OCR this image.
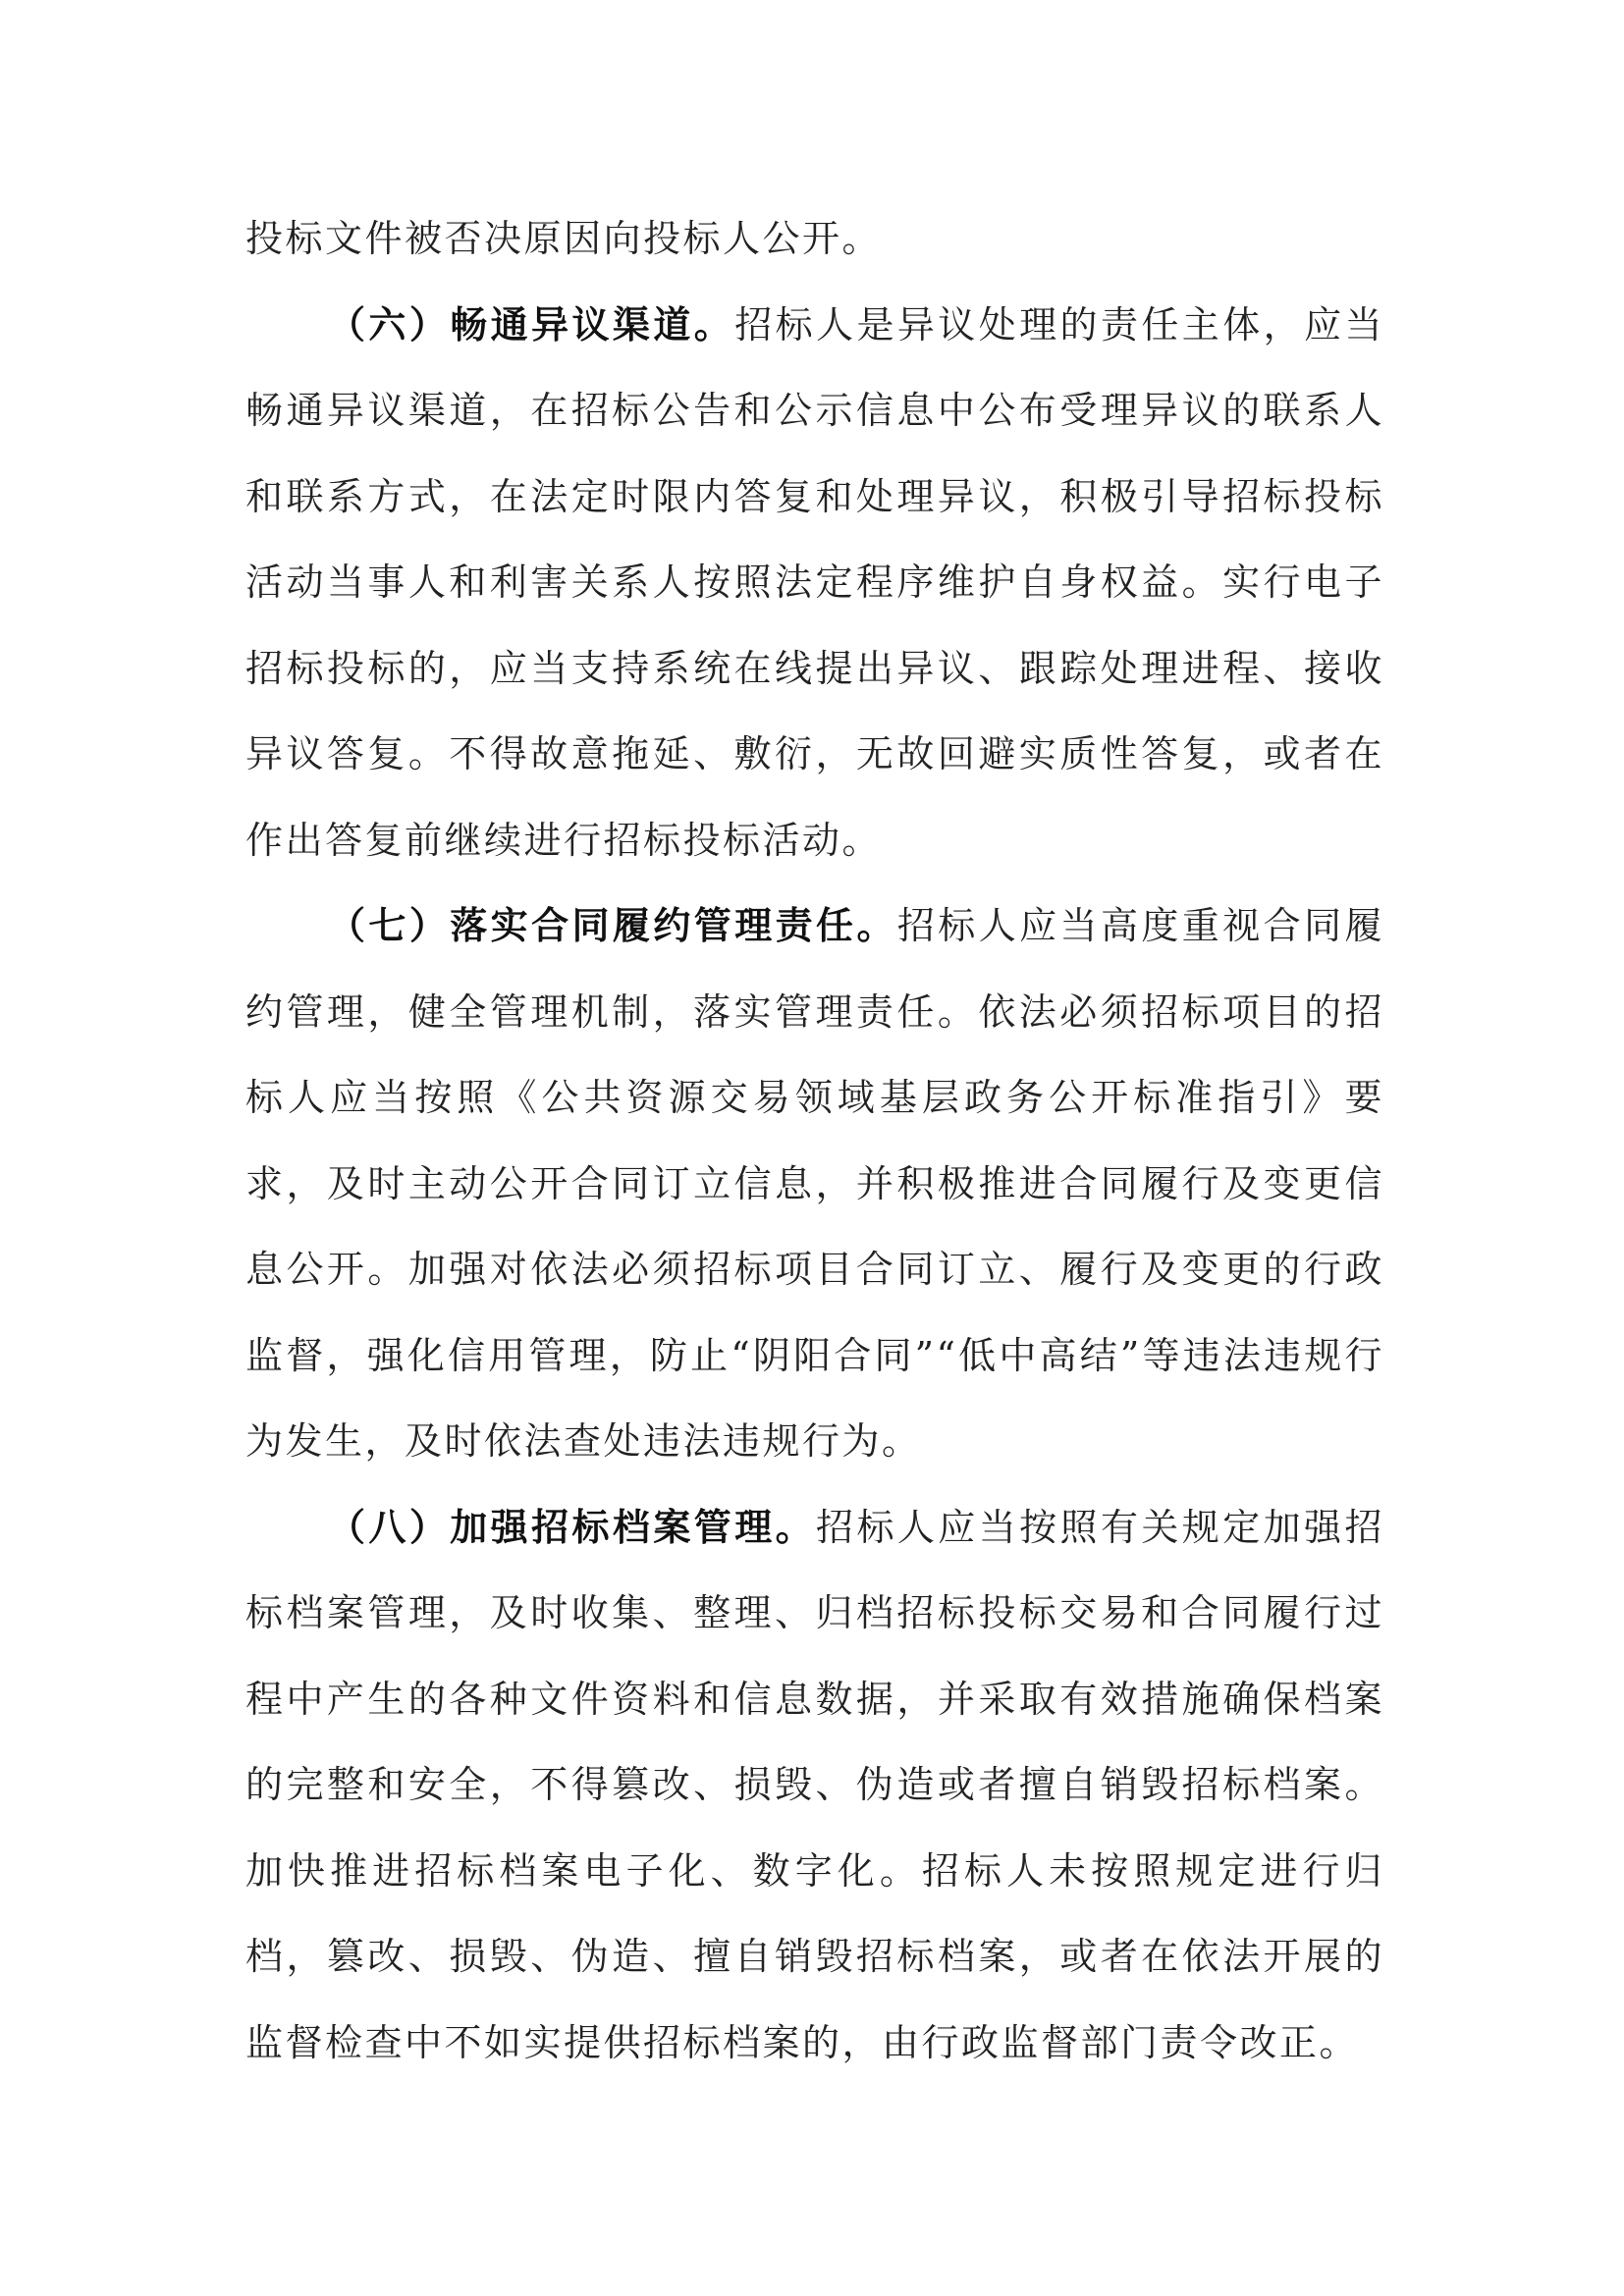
投标文件被否决原因向投标人公开。

（六）畅通异议渠道。招标人是异议处理的责任主体，应当畅通异议渠道，在招标公告和公示信息中公布受理异议的联系人和联系方式，在法定时限内答复和处理异议，积极引导招标投标活动当事人和利害关系人按照法定程序维护自身权益。实行电子招标投标的，应当支持系统在线提出异议、跟踪处理进程、接收异议答复。不得故意拖延、敷衍，无故回避实质性答复，或者在作出答复前继续进行招标投标活动。

（七）落实合同履约管理责任。招标人应当高度重视合同履约管理，健全管理机制，落实管理责任。依法必须招标项目的招标人应当按照《公共资源交易领域基层政务公开标准指引》要求，及时主动公开合同订立信息，并积极推进合同履行及变更信息公开。加强对依法必须招标项目合同订立、履行及变更的行政监督，强化信用管理，防止“阴阳合同”“低中高结”等违法违规行为发生，及时依法查处违法违规行为。

（八）加强招标档案管理。招标人应当按照有关规定加强招标档案管理，及时收集、整理、归档招标投标交易和合同履行过程中产生的各种文件资料和信息数据，并采取有效措施确保档案的完整和安全，不得篡改、损毁、伪造或者擅自销毁招标档案。加快推进招标档案电子化、数字化。招标人未按照规定进行归档，篡改、损毁、伪造、擅自销毁招标档案，或者在依法开展的监督检查中不如实提供招标档案的，由行政监督部门责令改正。
